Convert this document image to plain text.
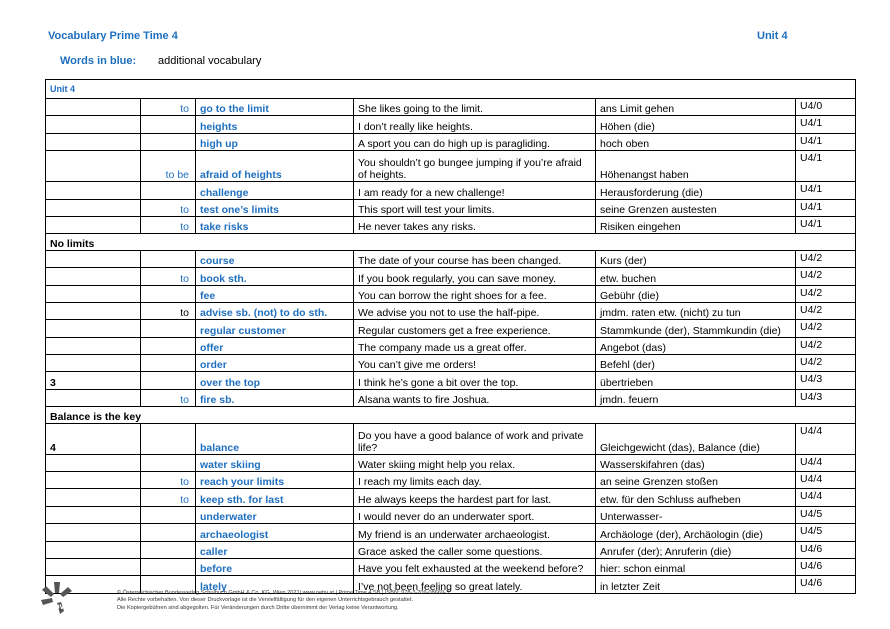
Vocabulary Prime Time 4	Unit 4
Words in blue: additional vocabulary
Unit 4					
	to	go to the limit	She likes going to the limit.	ans Limit gehen	U4/0
		heights	I don’t really like heights.	Höhen (die)	U4/1
		high up	A sport you can do high up is paragliding.	hoch oben	U4/1
	to be	afraid of heights	You shouldn’t go bungee jumping if you’re afraid of heights.	Höhenangst haben	U4/1
		challenge	I am ready for a new challenge!	Herausforderung (die)	U4/1
	to	test one’s limits	This sport will test your limits.	seine Grenzen austesten	U4/1
	to	take risks	He never takes any risks.	Risiken eingehen	U4/1
No limits					
		course	The date of your course has been changed.	Kurs (der)	U4/2
	to	book sth.	If you book regularly, you can save money.	etw. buchen	U4/2
		fee	You can borrow the right shoes for a fee.	Gebühr (die)	U4/2
	to	advise sb. (not) to do sth.	We advise you not to use the half-pipe.	jmdm. raten etw. (nicht) zu tun	U4/2
		regular customer	Regular customers get a free experience.	Stammkunde (der), Stammkundin (die)	U4/2
		offer	The company made us a great offer.	Angebot (das)	U4/2
		order	You can’t give me orders!	Befehl (der)	U4/2
3		over the top	I think he’s gone a bit over the top.	übertrieben	U4/3
	to	fire sb.	Alsana wants to fire Joshua.	jmdn. feuern	U4/3
Balance is the key					
4		balance	Do you have a good balance of work and private life?	Gleichgewicht (das), Balance (die)	U4/4
		water skiing	Water skiing might help you relax.	Wasserskifahren (das)	U4/4
	to	reach your limits	I reach my limits each day.	an seine Grenzen stoßen	U4/4
	to	keep sth. for last	He always keeps the hardest part for last.	etw. für den Schluss aufheben	U4/4
		underwater	I would never do an underwater sport.	Unterwasser-	U4/5
		archaeologist	My friend is an underwater archaeologist.	Archäologe (der), Archäologin (die)	U4/5
		caller	Grace asked the caller some questions.	Anrufer (der); Anruferin (die)	U4/6
		before	Have you felt exhausted at the weekend before?	hier: schon einmal	U4/6
		lately	I’ve not been feeling so great lately.	in letzter Zeit	U4/6
öbv
© Österreichischer Bundesverlag Schulbuch GmbH & Co. KG, Wien 2021| www.oebv.at | Prime Time 4 SB | ISBN: 978-3-209-08669-3
Alle Rechte vorbehalten. Von dieser Druckvorlage ist die Vervielfältigung für den eigenen Unterrichtsgebrauch gestattet.
Die Kopiergebühren sind abgegolten. Für Veränderungen durch Dritte übernimmt der Verlag keine Verantwortung.
